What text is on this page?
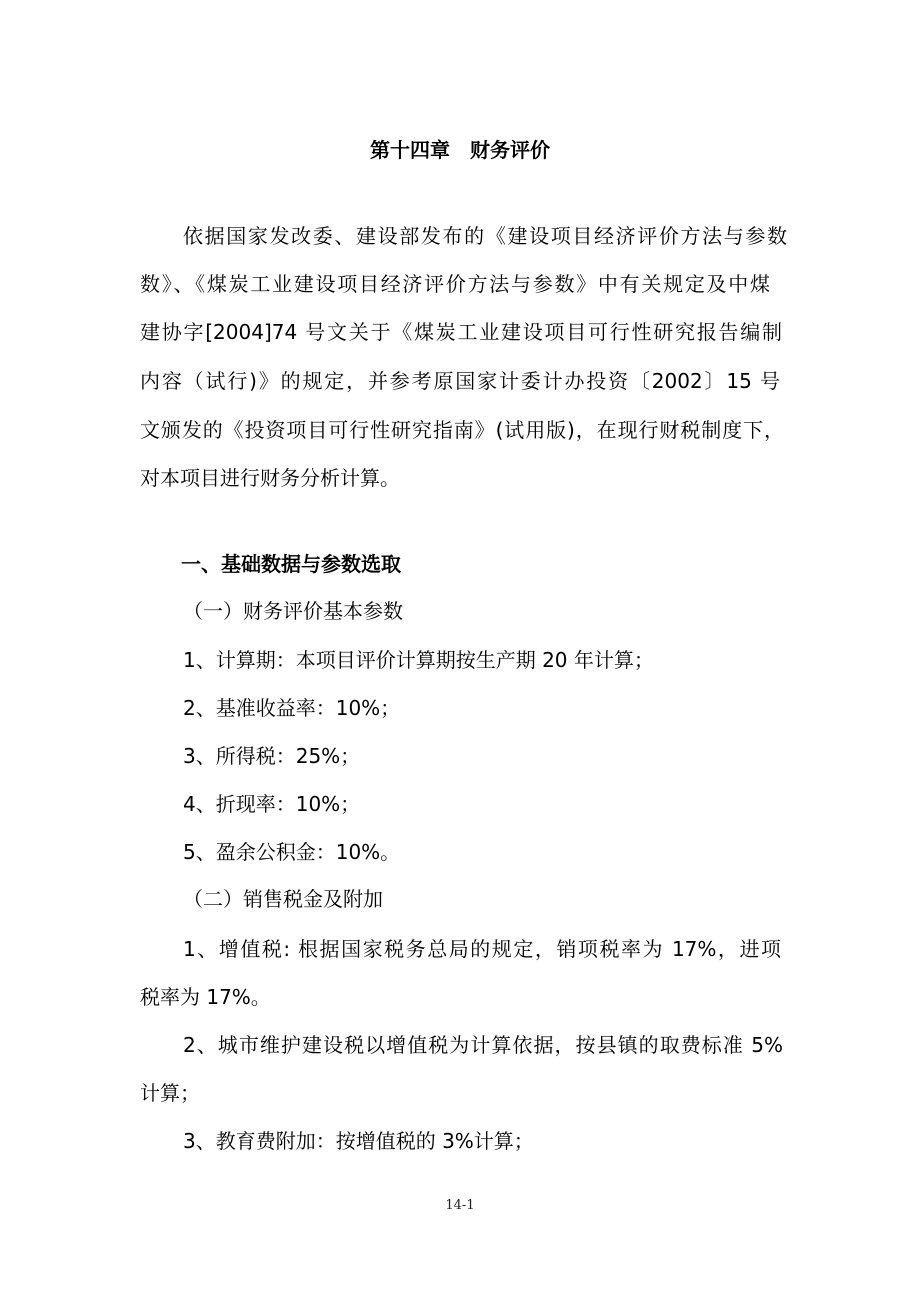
第十四章　财务评价

依据国家发改委、建设部发布的《建设项目经济评价方法与参数

数》、《煤炭工业建设项目经济评价方法与参数》中有关规定及中煤

建协字[2004]74 号文关于《煤炭工业建设项目可行性研究报告编制

内容（试行)》的规定，并参考原国家计委计办投资〔2002〕15 号

文颁发的《投资项目可行性研究指南》(试用版)，在现行财税制度下，

对本项目进行财务分析计算。

一、基础数据与参数选取

（一）财务评价基本参数

1、计算期：本项目评价计算期按生产期 20 年计算；

2、基准收益率：10%；

3、所得税：25%；

4、折现率：10%；

5、盈余公积金：10%。

（二）销售税金及附加

1、增值税: 根据国家税务总局的规定，销项税率为 17%，进项

税率为 17%。

2、城市维护建设税以增值税为计算依据，按县镇的取费标准 5%

计算；

3、教育费附加：按增值税的 3%计算；

14-1
